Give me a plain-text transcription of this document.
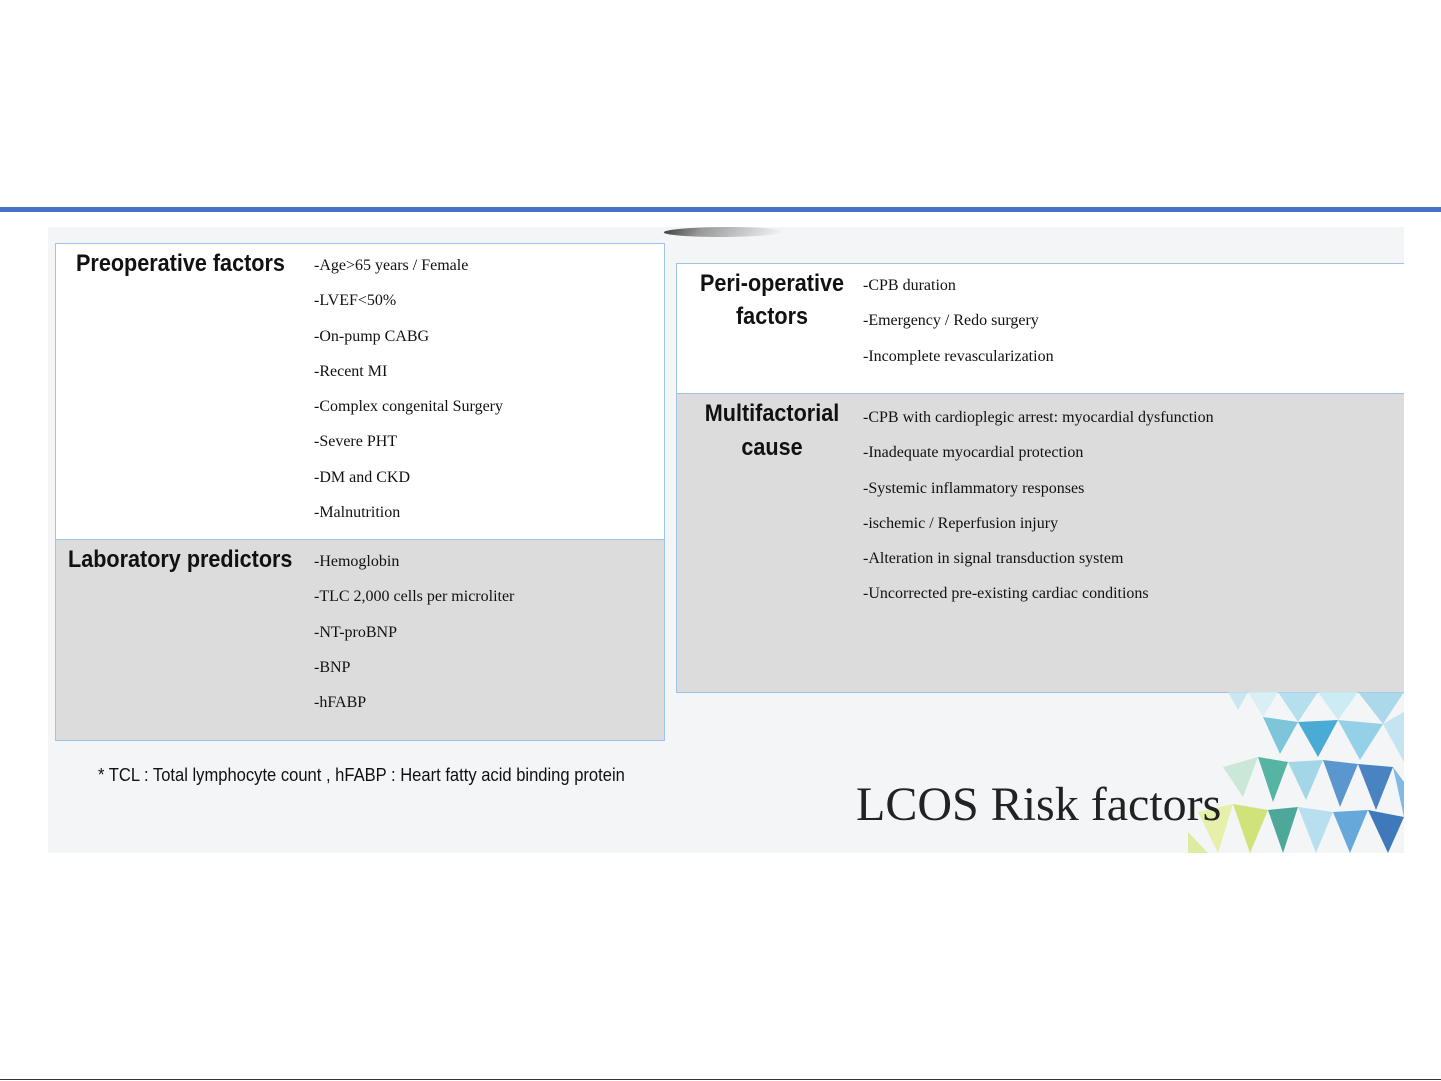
Preoperative factors -Age>65 years / Female
-LVEF<50%
-On-pump CABG
-Recent MI
-Complex congenital Surgery
-Severe PHT
-DM and CKD
-Malnutrition
Laboratory predictors -Hemoglobin
-TLC 2,000 cells per microliter
-NT-proBNP
-BNP
-hFABP
Peri-operative
factors
-CPB duration
-Emergency / Redo surgery
-Incomplete revascularization
Multifactorial
cause
-CPB with cardioplegic arrest: myocardial dysfunction
-Inadequate myocardial protection
-Systemic inflammatory responses
-ischemic / Reperfusion injury
-Alteration in signal transduction system
-Uncorrected pre-existing cardiac conditions
* TCL : Total lymphocyte count , hFABP : Heart fatty acid binding protein
LCOS Risk factors
